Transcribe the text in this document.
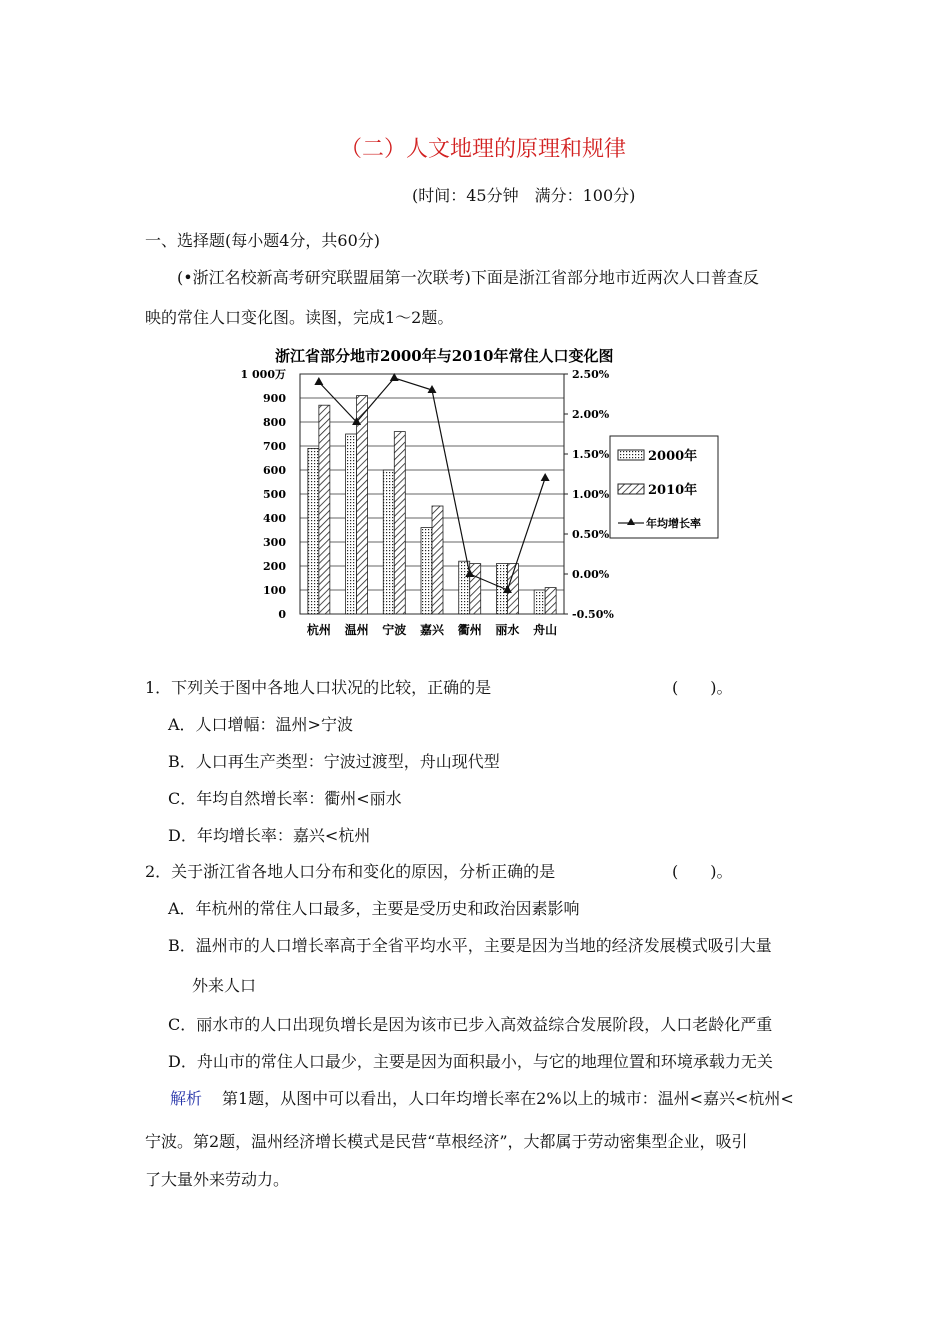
（二）人文地理的原理和规律
(时间：45分钟　满分：100分)
一、选择题(每小题4分，共60分)
(•浙江名校新高考研究联盟届第一次联考)下面是浙江省部分地市近两次人口普查反
映的常住人口变化图。读图，完成1～2题。
浙江省部分地市2000年与2010年常住人口变化图
0
100
200
300
400
500
600
700
800
900
1 000万
-0.50%
0.00%
0.50%
1.00%
1.50%
2.00%
2.50%
杭州 温州 宁波 嘉兴 衢州 丽水 舟山
2000年
2010年
年均增长率
1．下列关于图中各地人口状况的比较，正确的是	(　　)。
A．人口增幅：温州>宁波
B．人口再生产类型：宁波过渡型，舟山现代型
C．年均自然增长率：衢州<丽水
D．年均增长率：嘉兴<杭州
2．关于浙江省各地人口分布和变化的原因，分析正确的是	(　　)。
A．年杭州的常住人口最多，主要是受历史和政治因素影响
B．温州市的人口增长率高于全省平均水平，主要是因为当地的经济发展模式吸引大量
外来人口
C．丽水市的人口出现负增长是因为该市已步入高效益综合发展阶段，人口老龄化严重
D．舟山市的常住人口最少，主要是因为面积最小，与它的地理位置和环境承载力无关
解析 第1题，从图中可以看出，人口年均增长率在2%以上的城市：温州<嘉兴<杭州<
宁波。第2题，温州经济增长模式是民营“草根经济”，大都属于劳动密集型企业，吸引
了大量外来劳动力。
